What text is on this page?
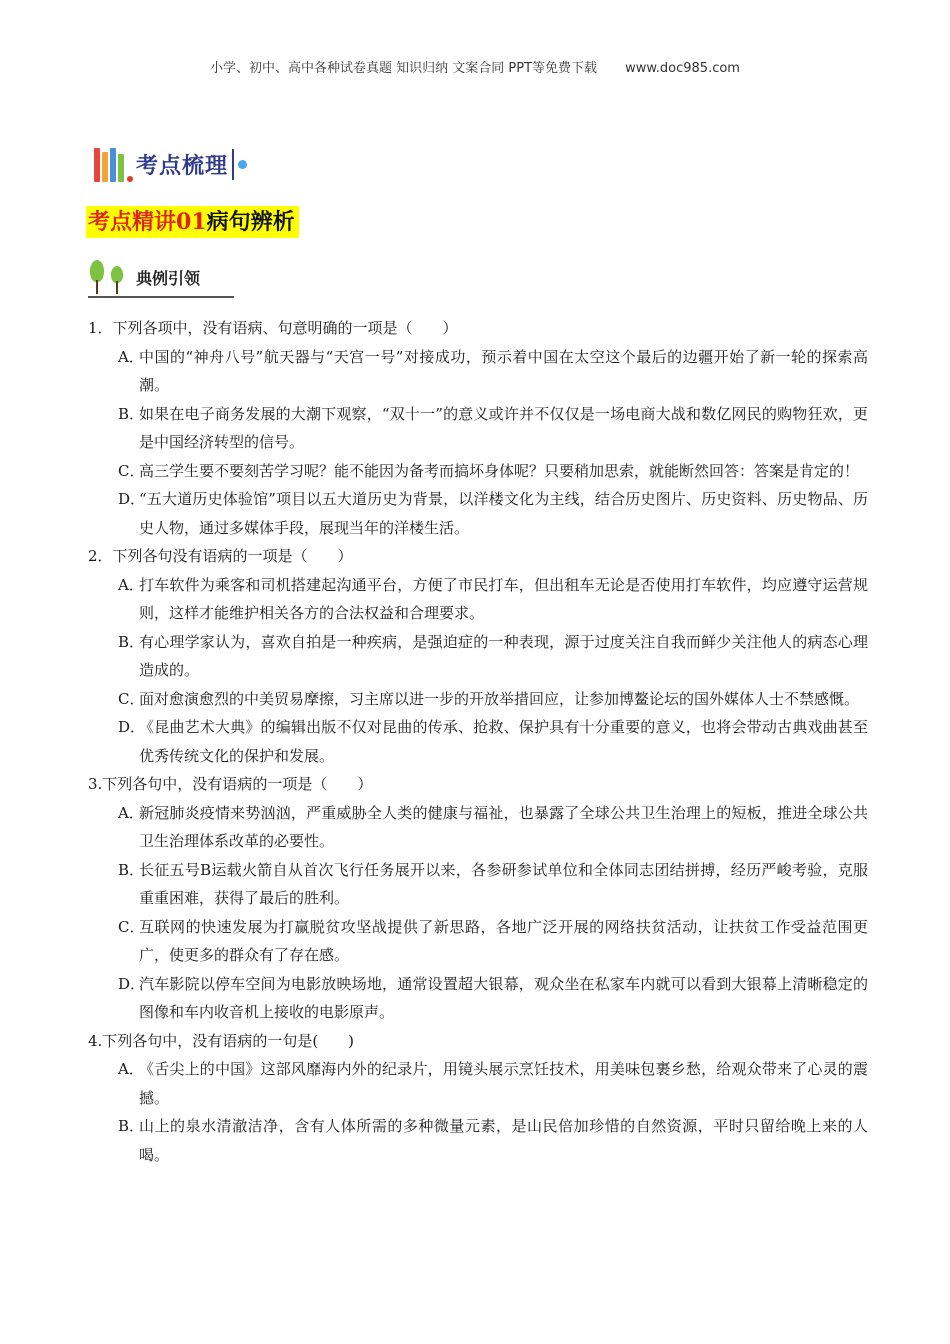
小学、初中、高中各种试卷真题 知识归纳 文案合同 PPT等免费下载 www.doc985.com
考点梳理
考点精讲01病句辨析
典例引领
1．下列各项中，没有语病、句意明确的一项是（　　）
A．
中国的“神舟八号”航天器与“天宫一号”对接成功，预示着中国在太空这个最后的边疆开始了新一轮的探索高潮。
B．
如果在电子商务发展的大潮下观察，“双十一”的意义或许并不仅仅是一场电商大战和数亿网民的购物狂欢，更是中国经济转型的信号。
C．
高三学生要不要刻苦学习呢？能不能因为备考而搞坏身体呢？只要稍加思索，就能断然回答：答案是肯定的！
D．
“五大道历史体验馆”项目以五大道历史为背景，以洋楼文化为主线，结合历史图片、历史资料、历史物品、历史人物，通过多媒体手段，展现当年的洋楼生活。
2．下列各句没有语病的一项是（　　）
A．
打车软件为乘客和司机搭建起沟通平台，方便了市民打车，但出租车无论是否使用打车软件，均应遵守运营规则，这样才能维护相关各方的合法权益和合理要求。
B．
有心理学家认为，喜欢自拍是一种疾病，是强迫症的一种表现，源于过度关注自我而鲜少关注他人的病态心理造成的。
C．
面对愈演愈烈的中美贸易摩擦，习主席以进一步的开放举措回应，让参加博鳌论坛的国外媒体人士不禁感慨。
D．
《昆曲艺术大典》的编辑出版不仅对昆曲的传承、抢救、保护具有十分重要的意义，也将会带动古典戏曲甚至优秀传统文化的保护和发展。
3.下列各句中，没有语病的一项是（　　）
A．
新冠肺炎疫情来势汹汹，严重威胁全人类的健康与福祉，也暴露了全球公共卫生治理上的短板，推进全球公共卫生治理体系改革的必要性。
B．
长征五号B运载火箭自从首次飞行任务展开以来，各参研参试单位和全体同志团结拼搏，经历严峻考验，克服重重困难，获得了最后的胜利。
C．
互联网的快速发展为打赢脱贫攻坚战提供了新思路，各地广泛开展的网络扶贫活动，让扶贫工作受益范围更广，使更多的群众有了存在感。
D．
汽车影院以停车空间为电影放映场地，通常设置超大银幕，观众坐在私家车内就可以看到大银幕上清晰稳定的图像和车内收音机上接收的电影原声。
4.下列各句中，没有语病的一句是(　　)
A．
《舌尖上的中国》这部风靡海内外的纪录片，用镜头展示烹饪技术，用美味包裹乡愁，给观众带来了心灵的震撼。
B．
山上的泉水清澈洁净，含有人体所需的多种微量元素，是山民倍加珍惜的自然资源，平时只留给晚上来的人喝。
